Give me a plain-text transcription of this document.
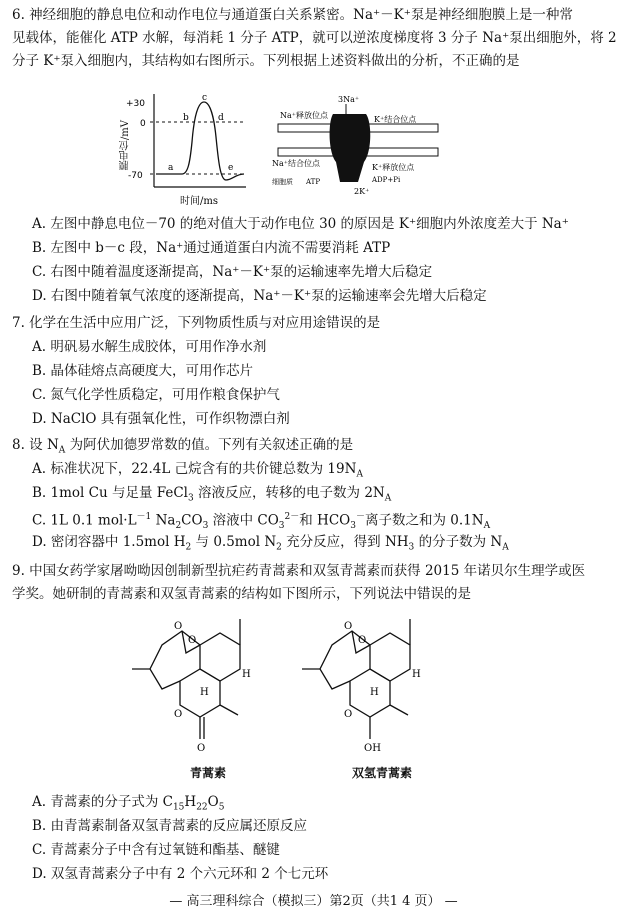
6. 神经细胞的静息电位和动作电位与通道蛋白关系紧密。Na⁺－K⁺泵是神经细胞膜上是一种常
见载体，能催化 ATP 水解，每消耗 1 分子 ATP，就可以逆浓度梯度将 3 分子 Na⁺泵出细胞外，将 2
分子 K⁺泵入细胞内，其结构如右图所示。下列根据上述资料做出的分析，不正确的是
+30
0
-70
a
b
c
d
e
时间/ms
膜电位/mV
3Na⁺
Na⁺释放位点	K⁺结合位点
Na⁺结合位点	K⁺释放位点
细胞质 ATP	ADP+Pi
2K⁺
A. 左图中静息电位－70 的绝对值大于动作电位 30 的原因是 K⁺细胞内外浓度差大于 Na⁺
B. 左图中 b－c 段，Na⁺通过通道蛋白内流不需要消耗 ATP
C. 右图中随着温度逐渐提高，Na⁺－K⁺泵的运输速率先增大后稳定
D. 右图中随着氧气浓度的逐渐提高，Na⁺－K⁺泵的运输速率会先增大后稳定
7. 化学在生活中应用广泛，下列物质性质与对应用途错误的是
A. 明矾易水解生成胶体，可用作净水剂
B. 晶体硅熔点高硬度大，可用作芯片
C. 氮气化学性质稳定，可用作粮食保护气
D. NaClO 具有强氧化性，可作织物漂白剂
8. 设 $N_A$ 为阿伏加德罗常数的值。下列有关叙述正确的是
A. 标准状况下，22.4L 己烷含有的共价键总数为 $19N_A$
B. 1mol Cu 与足量 FeCl$_3$ 溶液反应，转移的电子数为 $2N_A$
C. 1L 0.1 $mol\cdot L^{-1}$ $Na_2CO_3$ 溶液中 $CO_3^{2-}$和 $HCO_3^-$离子数之和为 $0.1N_A$
D. 密闭容器中 1.5mol $H_2$ 与 0.5mol $N_2$ 充分反应，得到 $NH_3$ 的分子数为 $N_A$
9. 中国女药学家屠呦呦因创制新型抗疟药青蒿素和双氢青蒿素而获得 2015 年诺贝尔生理学或医
学奖。她研制的青蒿素和双氢青蒿素的结构如下图所示，下列说法中错误的是
O
O
O
O
H
H
青蒿素
O
O
O
OH
H
H
双氢青蒿素
A. 青蒿素的分子式为 $C_{15}H_{22}O_5$
B. 由青蒿素制备双氢青蒿素的反应属还原反应
C. 青蒿素分子中含有过氧链和酯基、醚键
D. 双氢青蒿素分子中有 2 个六元环和 2 个七元环
— 高三理科综合（模拟三）第2页（共1 4 页） —
